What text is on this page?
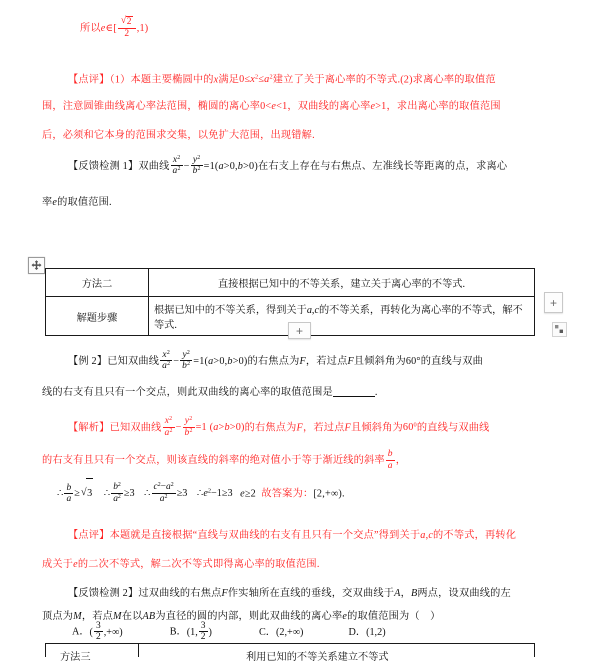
所以e∈[ √ $\frac{2}{2} ,1$)
【点评】（1）本题主要椭圆中的x满足$0\le x^2\le a^2$建立了关于离心率的不等式.(2)求离心率的取值范
围，注意圆锥曲线离心率法范围，椭圆的离心率0<e<1，双曲线的离心率e>1，求出离心率的取值范围
后，必须和它本身的范围求交集，以免扩大范围，出现错解.
【反馈检测 1】双曲线 $\frac{x^2}{a^2} - \frac{y^2}{b^2} =1(a>0,b>0)$在右支上存在与右焦点、左准线长等距离的点，求离心
率e的取值范围.
方法二	直接根据已知中的不等关系，建立关于离心率的不等式.
解题步骤	根据已知中的不等关系，得到关于a,c的不等关系，再转化为离心率的不等式，解不等式.
+
+
【例 2】已知双曲线 $\frac{x^2}{a^2} - \frac{y^2}{b^2} =1(a>0,b>0)$的右焦点为F，若过点F且倾斜角为60°的直线与双曲
线的右支有且只有一个交点，则此双曲线的离心率的取值范围是	.
【解析】已知双曲线 $\frac{x^2}{a^2} - \frac{y^2}{b^2} =1$ (a>b>0)的右焦点为F，若过点F且倾斜角为$60^0$的直线与双曲线
的右支有且只有一个交点，则该直线的斜率的绝对值小于等于渐近线的斜率 $\frac{b}{a}$ ，
∴ $\frac{b}{a}$ ≥ √ 3 ∴ $\frac{b^2}{a^2} \ge 3$ ∴ $\frac{c^2-a^2}{a^2} \ge 3$ $\therefore e^2-1\ge 3$ e≥2 故答案为：[2,+∞).
【点评】本题就是直接根据“直线与双曲线的右支有且只有一个交点”得到关于a,c的不等式，再转化
成关于e的二次不等式，解二次不等式即得离心率的取值范围.
【反馈检测 2】过双曲线的右焦点F作实轴所在直线的垂线，交双曲线于A，B两点，设双曲线的左
顶点为M，若点M在以AB为直径的圆的内部，则此双曲线的离心率e的取值范围为（　）
A．( $\frac{3}{2}$ ,+∞)	B．(1, $\frac{3}{2}$ )	C．(2,+∞)	D．(1,2)
方法三	利用已知的不等关系建立不等式
